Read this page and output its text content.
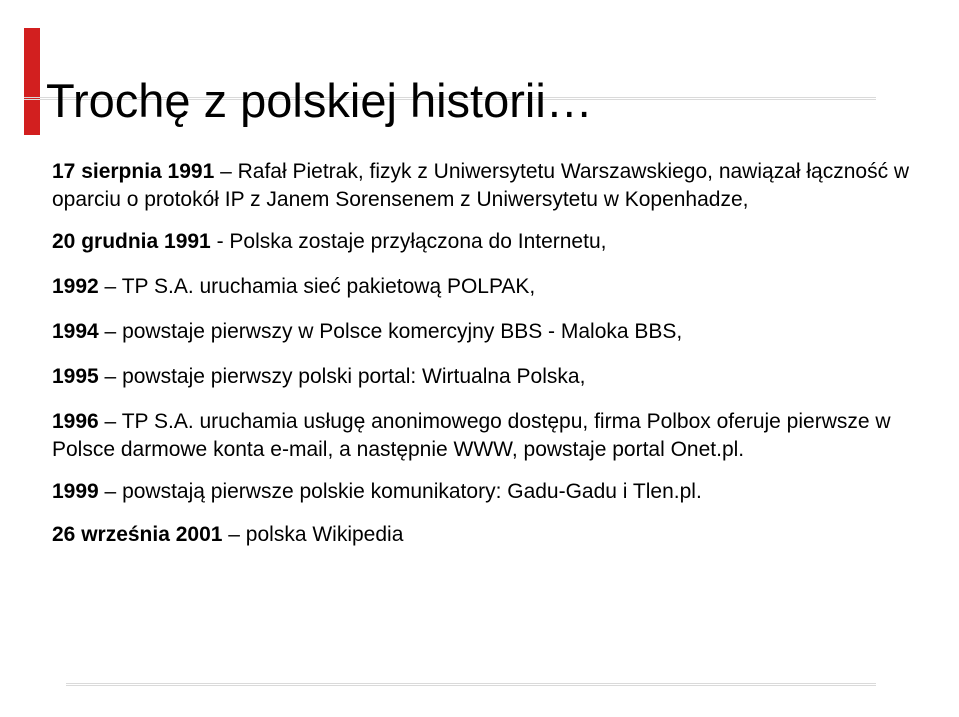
Trochę z polskiej historii…

17 sierpnia 1991 – Rafał Pietrak, fizyk z Uniwersytetu Warszawskiego, nawiązał łączność w oparciu o protokół IP z Janem Sorensenem z Uniwersytetu w Kopenhadze,

20 grudnia 1991 - Polska zostaje przyłączona do Internetu,

1992 – TP S.A. uruchamia sieć pakietową POLPAK,

1994 – powstaje pierwszy w Polsce komercyjny BBS - Maloka BBS,

1995 – powstaje pierwszy polski portal: Wirtualna Polska,

1996 – TP S.A. uruchamia usługę anonimowego dostępu, firma Polbox oferuje pierwsze w Polsce darmowe konta e-mail, a następnie WWW, powstaje portal Onet.pl.

1999 – powstają pierwsze polskie komunikatory: Gadu-Gadu i Tlen.pl.

26 września 2001 – polska Wikipedia
